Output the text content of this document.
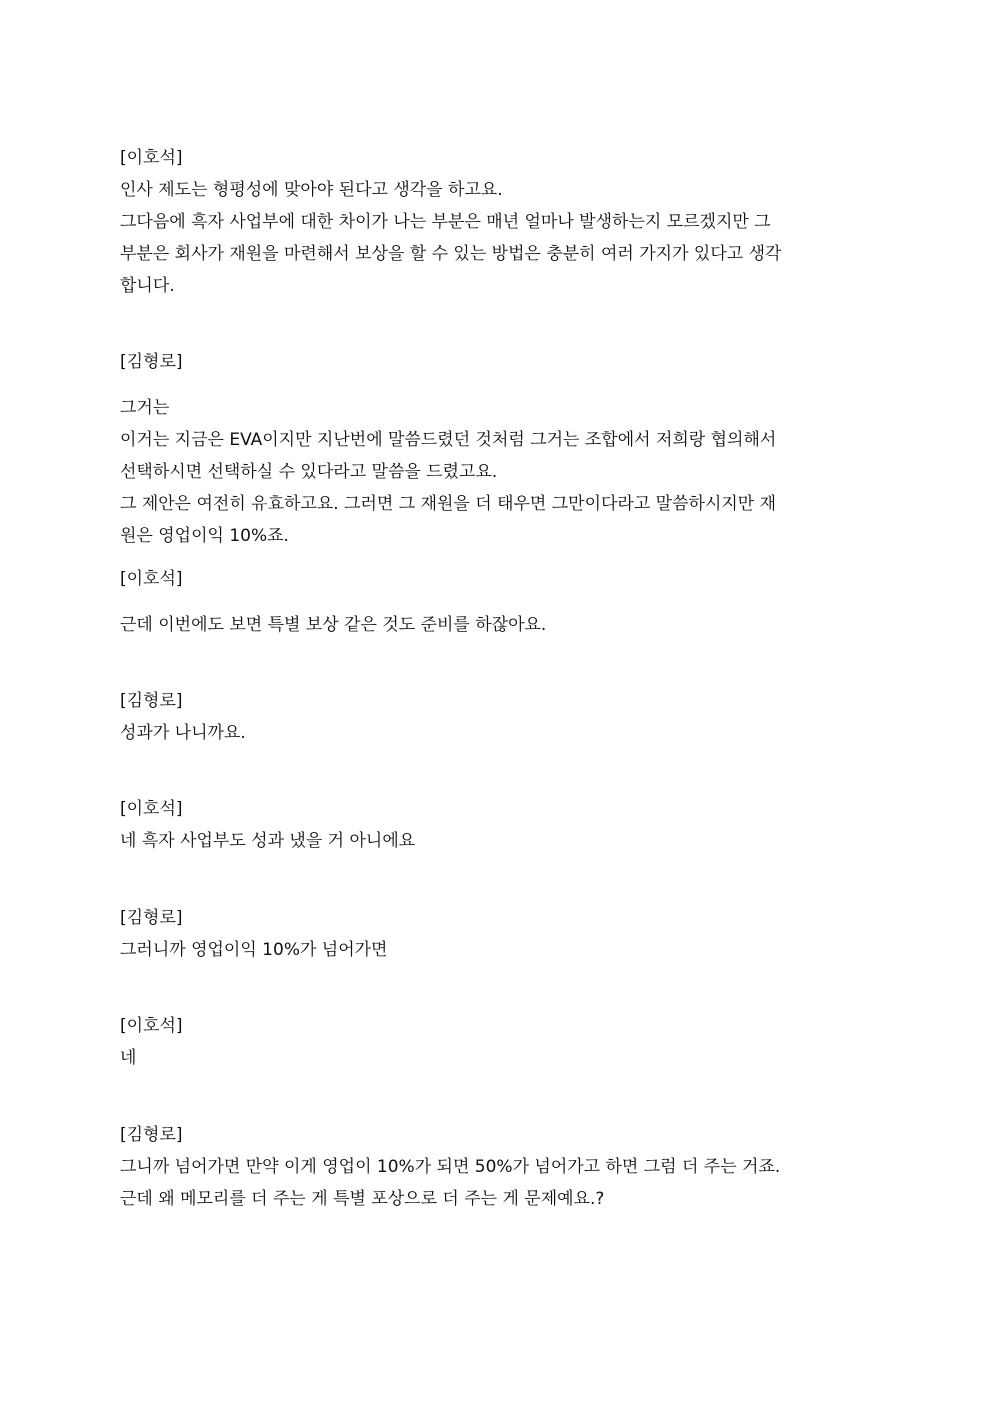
[이호석]
인사 제도는 형평성에 맞아야 된다고 생각을 하고요.
그다음에 흑자 사업부에 대한 차이가 나는 부분은 매년 얼마나 발생하는지 모르겠지만 그
부분은 회사가 재원을 마련해서 보상을 할 수 있는 방법은 충분히 여러 가지가 있다고 생각
합니다.
[김형로]
그거는
이거는 지금은 EVA이지만 지난번에 말씀드렸던 것처럼 그거는 조합에서 저희랑 협의해서
선택하시면 선택하실 수 있다라고 말씀을 드렸고요.
그 제안은 여전히 유효하고요. 그러면 그 재원을 더 태우면 그만이다라고 말씀하시지만 재
원은 영업이익 10%죠.
[이호석]
근데 이번에도 보면 특별 보상 같은 것도 준비를 하잖아요.
[김형로]
성과가 나니까요.
[이호석]
네 흑자 사업부도 성과 냈을 거 아니에요
[김형로]
그러니까 영업이익 10%가 넘어가면
[이호석]
네
[김형로]
그니까 넘어가면 만약 이게 영업이 10%가 되면 50%가 넘어가고 하면 그럼 더 주는 거죠.
근데 왜 메모리를 더 주는 게 특별 포상으로 더 주는 게 문제예요.?
